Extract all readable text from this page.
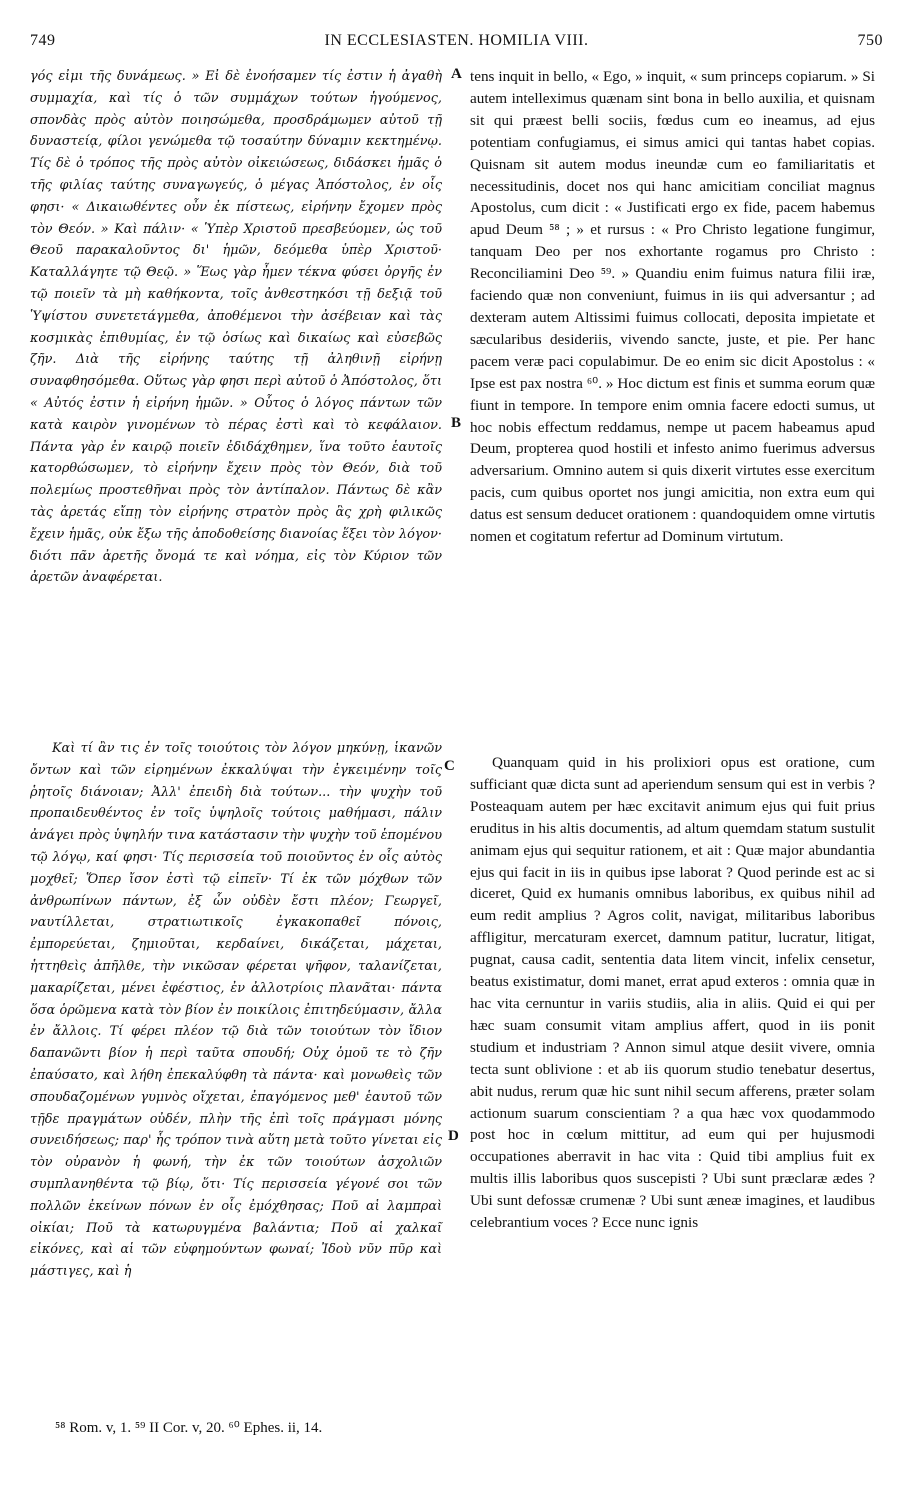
749	IN ECCLESIASTEN. HOMILIA VIII.	750

γός εἰμι τῆς δυνάμεως. » Εἰ δὲ ἐνοήσαμεν τίς ἐστιν ἡ ἀγαθὴ συμμαχία, καὶ τίς ὁ τῶν συμμάχων τούτων ἡγούμενος, σπονδὰς πρὸς αὐτὸν ποιησώμεθα, προσδράμωμεν αὐτοῦ τῇ δυναστείᾳ, φίλοι γενώμεθα τῷ τοσαύτην δύναμιν κεκτημένῳ. Τίς δὲ ὁ τρόπος τῆς πρὸς αὐτὸν οἰκειώσεως, διδάσκει ἡμᾶς ὁ τῆς φιλίας ταύτης συναγωγεύς, ὁ μέγας Ἀπόστολος, ἐν οἷς φησι· « Δικαιωθέντες οὖν ἐκ πίστεως, εἰρήνην ἔχομεν πρὸς τὸν Θεόν. » Καὶ πάλιν· « Ὑπὲρ Χριστοῦ πρεσβεύομεν, ὡς τοῦ Θεοῦ παρακαλοῦντος δι' ἡμῶν, δεόμεθα ὑπὲρ Χριστοῦ· Καταλλάγητε τῷ Θεῷ. » Ἕως γὰρ ἦμεν τέκνα φύσει ὀργῆς ἐν τῷ ποιεῖν τὰ μὴ καθήκοντα, τοῖς ἀνθεστηκόσι τῇ δεξιᾷ τοῦ Ὑψίστου συνετετάγμεθα, ἀποθέμενοι τὴν ἀσέβειαν καὶ τὰς κοσμικὰς ἐπιθυμίας, ἐν τῷ ὁσίως καὶ δικαίως καὶ εὐσεβῶς ζῆν. Διὰ τῆς εἰρήνης ταύτης τῇ ἀληθινῇ εἰρήνῃ συναφθησόμεθα. Οὕτως γὰρ φησι περὶ αὐτοῦ ὁ Ἀπόστολος, ὅτι « Αὐτός ἐστιν ἡ εἰρήνη ἡμῶν. » Οὗτος ὁ λόγος πάντων τῶν κατὰ καιρὸν γινομένων τὸ πέρας ἐστὶ καὶ τὸ κεφάλαιον. Πάντα γὰρ ἐν καιρῷ ποιεῖν ἐδιδάχθημεν, ἵνα τοῦτο ἑαυτοῖς κατορθώσωμεν, τὸ εἰρήνην ἔχειν πρὸς τὸν Θεόν, διὰ τοῦ πολεμίως προστεθῆναι πρὸς τὸν ἀντίπαλον. Πάντως δὲ κἂν τὰς ἀρετάς εἴπῃ τὸν εἰρήνης στρατὸν πρὸς ἃς χρὴ φιλικῶς ἔχειν ἡμᾶς, οὐκ ἔξω τῆς ἀποδοθείσης διανοίας ἕξει τὸν λόγον· διότι πᾶν ἀρετῆς ὄνομά τε καὶ νόημα, εἰς τὸν Κύριον τῶν ἀρετῶν ἀναφέρεται.

Καὶ τί ἂν τις ἐν τοῖς τοιούτοις τὸν λόγον μηκύνῃ, ἱκανῶν ὄντων καὶ τῶν εἰρημένων ἐκκαλύψαι τὴν ἐγκειμένην τοῖς ῥητοῖς διάνοιαν; Ἀλλ' ἐπειδὴ διὰ τούτων... τὴν ψυχὴν τοῦ προπαιδευθέντος ἐν τοῖς ὑψηλοῖς τούτοις μαθήμασι, πάλιν ἀνάγει πρὸς ὑψηλήν τινα κατάστασιν τὴν ψυχὴν τοῦ ἑπομένου τῷ λόγῳ, καί φησι· Τίς περισσεία τοῦ ποιοῦντος ἐν οἷς αὐτὸς μοχθεῖ; Ὅπερ ἴσον ἐστὶ τῷ εἰπεῖν· Τί ἐκ τῶν μόχθων τῶν ἀνθρωπίνων πάντων, ἐξ ὧν οὐδὲν ἔστι πλέον; Γεωργεῖ, ναυτίλλεται, στρατιωτικοῖς ἐγκακοπαθεῖ πόνοις, ἐμπορεύεται, ζημιοῦται, κερδαίνει, δικάζεται, μάχεται, ἡττηθεὶς ἀπῆλθε, τὴν νικῶσαν φέρεται ψῆφον, ταλανίζεται, μακαρίζεται, μένει ἐφέστιος, ἐν ἀλλοτρίοις πλανᾶται· πάντα ὅσα ὁρῶμενα κατὰ τὸν βίον ἐν ποικίλοις ἐπιτηδεύμασιν, ἄλλα ἐν ἄλλοις. Τί φέρει πλέον τῷ διὰ τῶν τοιούτων τὸν ἴδιον δαπανῶντι βίον ἡ περὶ ταῦτα σπουδή; Οὐχ ὁμοῦ τε τὸ ζῆν ἐπαύσατο, καὶ λήθη ἐπεκαλύφθη τὰ πάντα· καὶ μονωθεὶς τῶν σπουδαζομένων γυμνὸς οἴχεται, ἐπαγόμενος μεθ' ἑαυτοῦ τῶν τῇδε πραγμάτων οὐδέν, πλὴν τῆς ἐπὶ τοῖς πράγμασι μόνης συνειδήσεως; παρ' ἧς τρόπον τινὰ αὕτη μετὰ τοῦτο γίνεται εἰς τὸν οὐρανὸν ἡ φωνή, τὴν ἐκ τῶν τοιούτων ἀσχολιῶν συμπλανηθέντα τῷ βίῳ, ὅτι· Τίς περισσεία γέγονέ σοι τῶν πολλῶν ἐκείνων πόνων ἐν οἷς ἐμόχθησας; Ποῦ αἱ λαμπραὶ οἰκίαι; Ποῦ τὰ κατωρυγμένα βαλάντια; Ποῦ αἱ χαλκαῖ εἰκόνες, καὶ αἱ τῶν εὐφημούντων φωναί; Ἰδοὺ νῦν πῦρ καὶ μάστιγες, καὶ ἡ

tens inquit in bello, « Ego, » inquit, « sum princeps copiarum. » Si autem intelleximus quænam sint bona in bello auxilia, et quisnam sit qui præest belli sociis, fœdus cum eo ineamus, ad ejus potentiam confugiamus, ei simus amici qui tantas habet copias. Quisnam sit autem modus ineundæ cum eo familiaritatis et necessitudinis, docet nos qui hanc amicitiam conciliat magnus Apostolus, cum dicit : « Justificati ergo ex fide, pacem habemus apud Deum ⁵⁸ ; » et rursus : « Pro Christo legatione fungimur, tanquam Deo per nos exhortante rogamus pro Christo : Reconciliamini Deo ⁵⁹. » Quandiu enim fuimus natura filii iræ, faciendo quæ non conveniunt, fuimus in iis qui adversantur ; ad dexteram autem Altissimi fuimus collocati, depositа impietate et sæcularibus desideriis, vivendo sancte, juste, et pie. Per hanc pacem veræ paci copulabimur. De eo enim sic dicit Apostolus : « Ipse est pax nostra ⁶⁰. » Hoc dictum est finis et summa eorum quæ fiunt in tempore. In tempore enim omnia facere edocti sumus, ut hoc nobis effectum reddamus, nempe ut pacem habeamus apud Deum, propterea quod hostili et infesto animo fuerimus adversus adversarium. Omnino autem si quis dixerit virtutes esse exercitum pacis, cum quibus oportet nos jungi amicitia, non extra eum qui datus est sensum deducet orationem : quandoquidem omne virtutis nomen et cogitatum refertur ad Dominum virtutum.

Quanquam quid in his prolixiori opus est oratione, cum sufficiant quæ dicta sunt ad aperiendum sensum qui est in verbis ? Posteaquam autem per hæc excitavit animum ejus qui fuit prius eruditus in his altis documentis, ad altum quemdam statum sustulit animam ejus qui sequitur rationem, et ait : Quæ major abundantia ejus qui facit in iis in quibus ipse laborat ? Quod perinde est ac si diceret, Quid ex humanis omnibus laboribus, ex quibus nihil ad eum redit amplius ? Agros colit, navigat, militaribus laboribus affligitur, mercaturam exercet, damnum patitur, lucratur, litigat, pugnat, causa cadit, sententia data litem vincit, infelix censetur, beatus existimatur, domi manet, errat apud exteros : omnia quæ in hac vita cernuntur in variis studiis, alia in aliis. Quid ei qui per hæc suam consumit vitam amplius affert, quod in iis ponit studium et industriam ? Annon simul atque desiit vivere, omnia tecta sunt oblivione : et ab iis quorum studio tenebatur desertus, abit nudus, rerum quæ hic sunt nihil secum afferens, præter solam actionum suarum conscientiam ? a qua hæc vox quodammodo post hoc in cœlum mittitur, ad eum qui per hujusmodi occupationes aberravit in hac vita : Quid tibi amplius fuit ex multis illis laboribus quos suscepisti ? Ubi sunt præclaræ ædes ? Ubi sunt defossæ crumenæ ? Ubi sunt æneæ imagines, et laudibus celebrantium voces ? Ecce nunc ignis

A
B
C
D
⁵⁸ Rom. v, 1. ⁵⁹ II Cor. v, 20. ⁶⁰ Ephes. ii, 14.
